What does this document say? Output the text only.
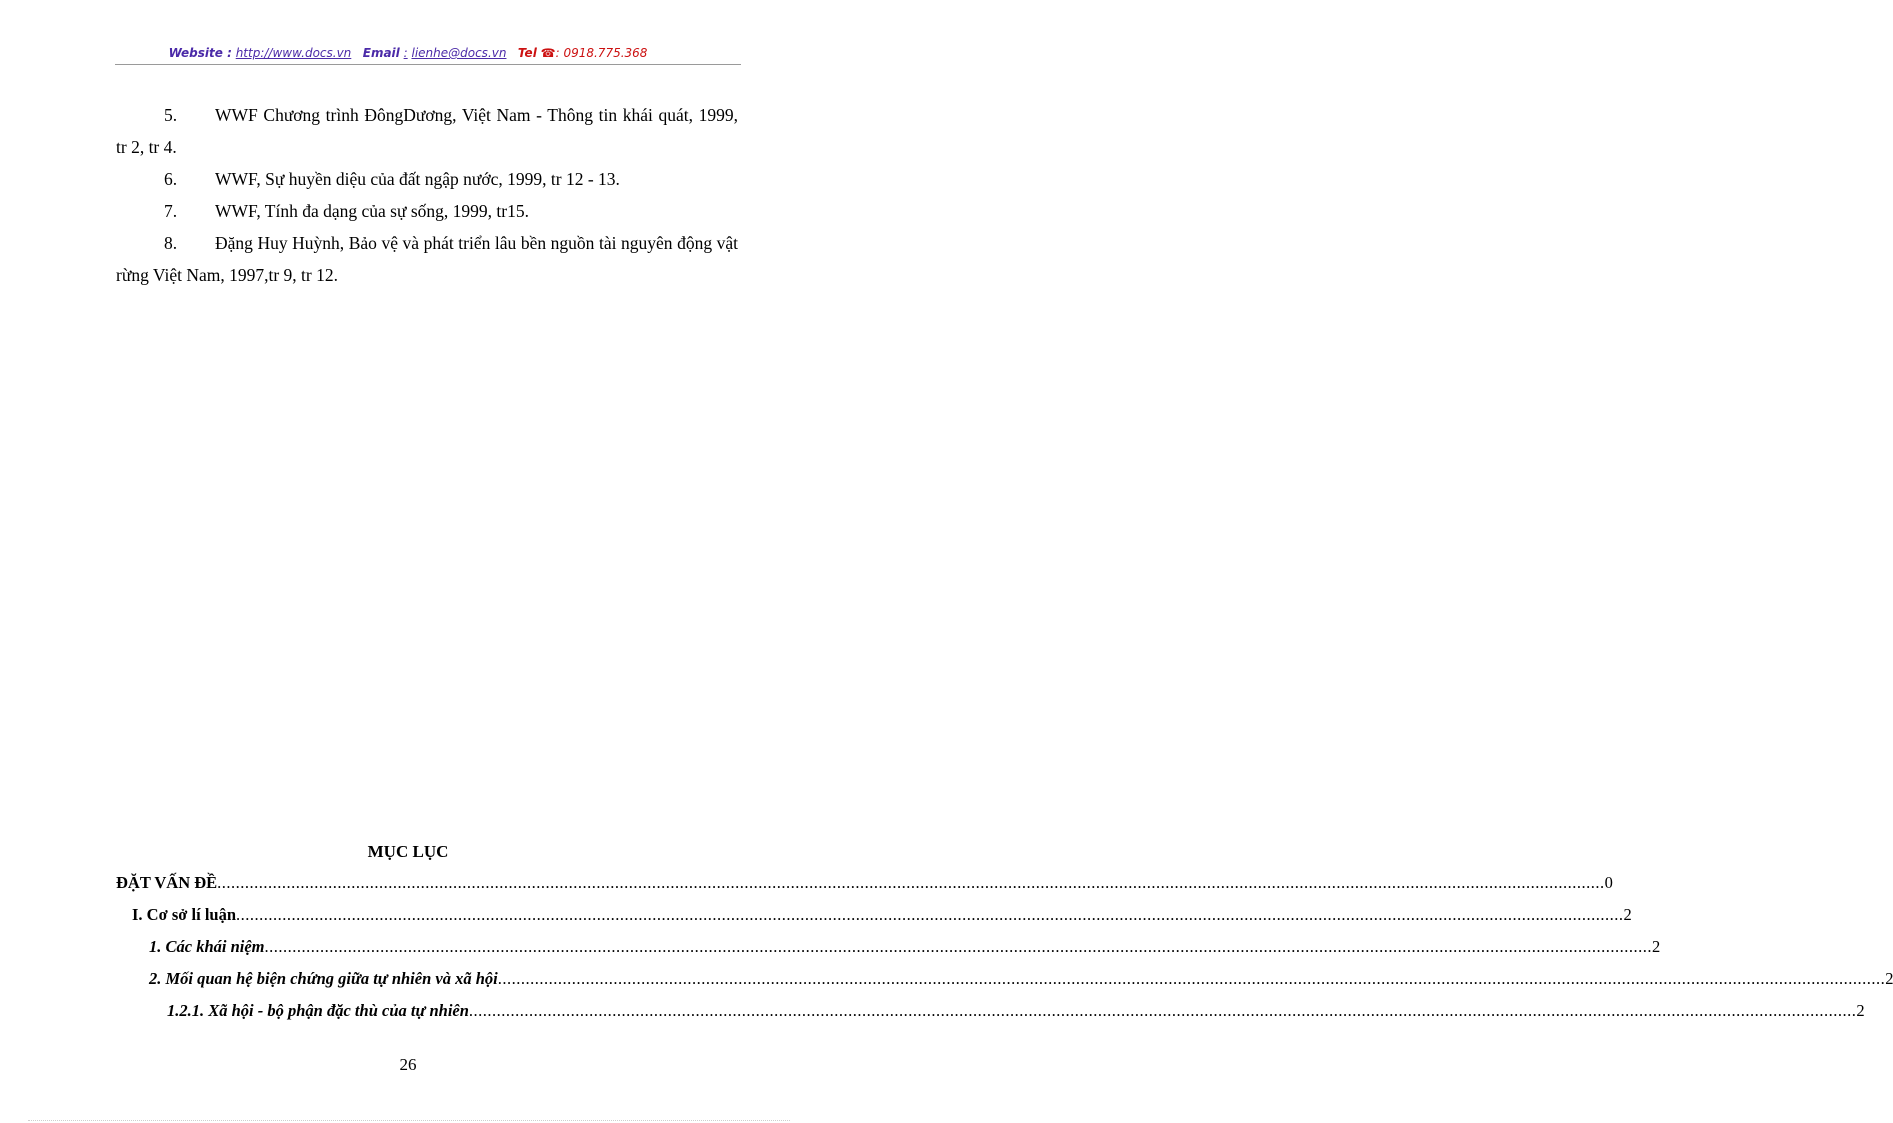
Website : http://www.docs.vn Email : lienhe@docs.vn Tel ☎: 0918.775.368
5. WWF Chương trình ĐôngDương, Việt Nam - Thông tin khái quát, 1999, tr 2, tr 4.
6. WWF, Sự huyền diệu của đất ngập nước, 1999, tr 12 - 13.
7. WWF, Tính đa dạng của sự sống, 1999, tr15.
8. Đặng Huy Huỳnh, Bảo vệ và phát triển lâu bền nguồn tài nguyên động vật rừng Việt Nam, 1997,tr 9, tr 12.
MỤC LỤC
ĐẶT VẤN ĐỀ ............................................................................................................................................................................................................................................................................................................ 0
I. Cơ sở lí luận ............................................................................................................................................................................................................................................................................................................ 2
1. Các khái niệm ............................................................................................................................................................................................................................................................................................................ 2
2. Mối quan hệ biện chứng giữa tự nhiên và xã hội ............................................................................................................................................................................................................................................................................................................ 2
1.2.1. Xã hội - bộ phận đặc thù của tự nhiên ............................................................................................................................................................................................................................................................................................................ 2
26
